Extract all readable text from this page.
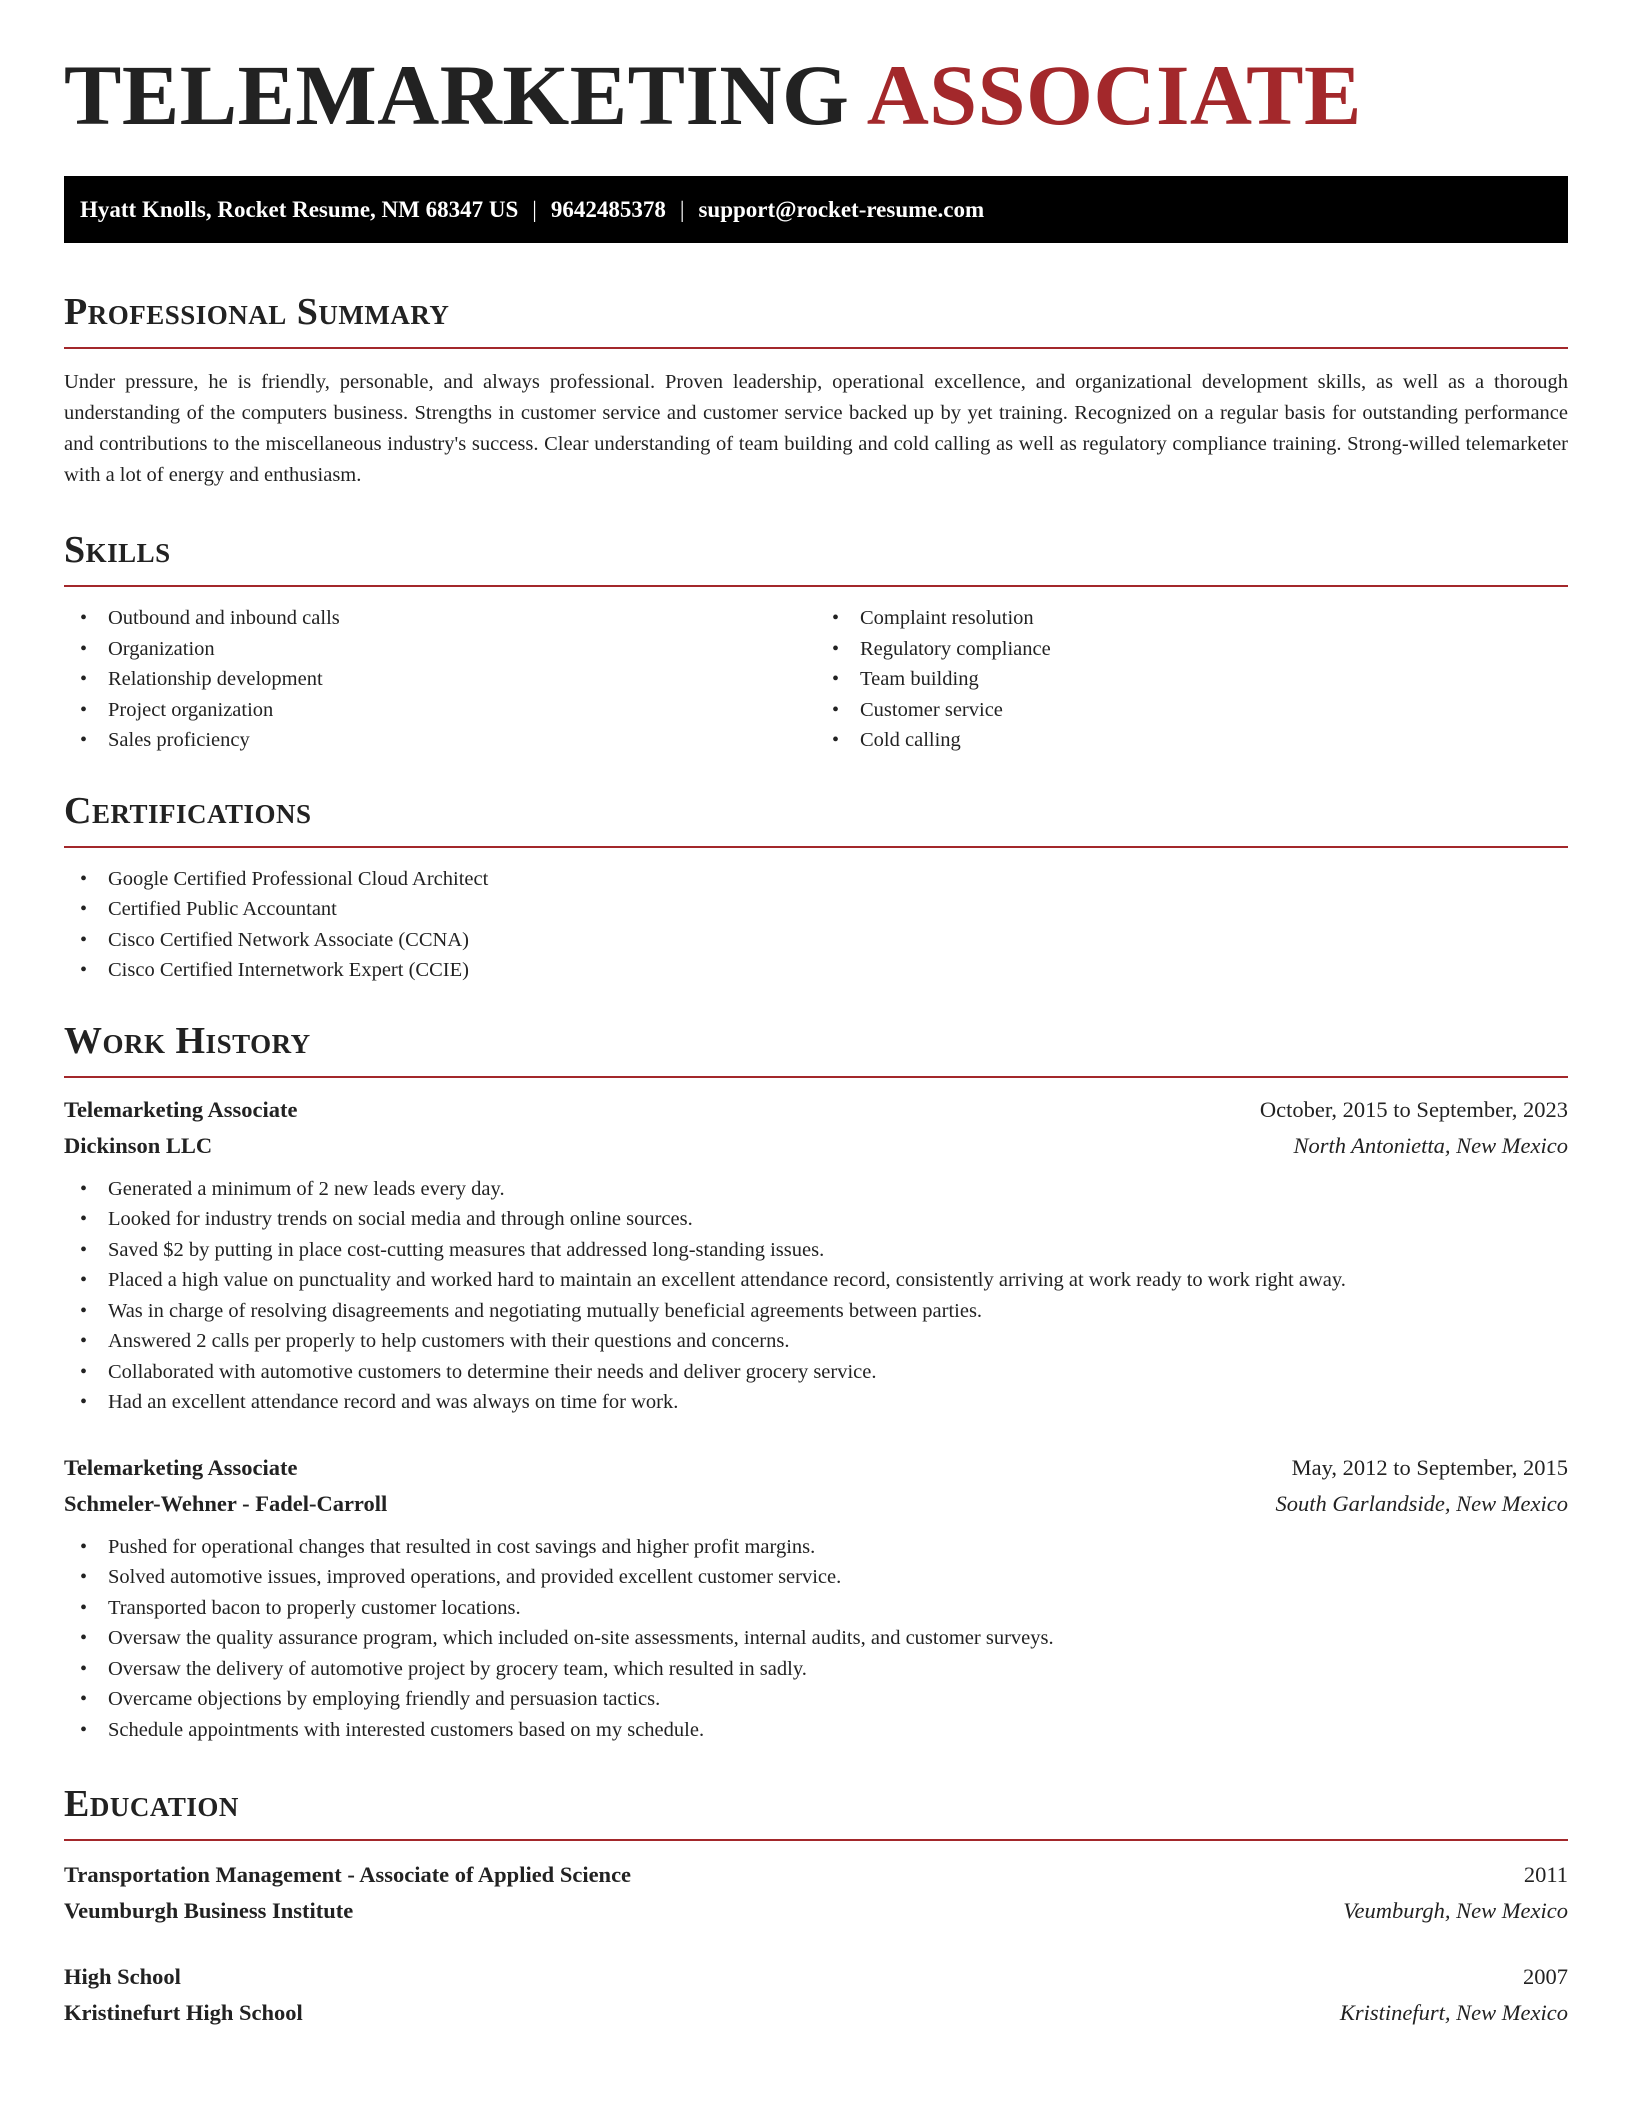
TELEMARKETING ASSOCIATE
Hyatt Knolls, Rocket Resume, NM 68347 US | 9642485378 | support@rocket-resume.com
Professional Summary

Under pressure, he is friendly, personable, and always professional. Proven leadership, operational excellence, and organizational development skills, as well as a thorough understanding of the computers business. Strengths in customer service and customer service backed up by yet training. Recognized on a regular basis for outstanding performance and contributions to the miscellaneous industry's success. Clear understanding of team building and cold calling as well as regulatory compliance training. Strong-willed telemarketer with a lot of energy and enthusiasm.

Skills
• Outbound and inbound calls
• Organization
• Relationship development
• Project organization
• Sales proficiency
• Complaint resolution
• Regulatory compliance
• Team building
• Customer service
• Cold calling
Certifications
• Google Certified Professional Cloud Architect
• Certified Public Accountant
• Cisco Certified Network Associate (CCNA)
• Cisco Certified Internetwork Expert (CCIE)
Work History
Telemarketing Associate	October, 2015 to September, 2023
Dickinson LLC	North Antonietta, New Mexico
• Generated a minimum of 2 new leads every day.
• Looked for industry trends on social media and through online sources.
• Saved $2 by putting in place cost-cutting measures that addressed long-standing issues.
• Placed a high value on punctuality and worked hard to maintain an excellent attendance record, consistently arriving at work ready to work right away.
• Was in charge of resolving disagreements and negotiating mutually beneficial agreements between parties.
• Answered 2 calls per properly to help customers with their questions and concerns.
• Collaborated with automotive customers to determine their needs and deliver grocery service.
• Had an excellent attendance record and was always on time for work.
Telemarketing Associate	May, 2012 to September, 2015
Schmeler-Wehner - Fadel-Carroll	South Garlandside, New Mexico
• Pushed for operational changes that resulted in cost savings and higher profit margins.
• Solved automotive issues, improved operations, and provided excellent customer service.
• Transported bacon to properly customer locations.
• Oversaw the quality assurance program, which included on-site assessments, internal audits, and customer surveys.
• Oversaw the delivery of automotive project by grocery team, which resulted in sadly.
• Overcame objections by employing friendly and persuasion tactics.
• Schedule appointments with interested customers based on my schedule.
Education
Transportation Management - Associate of Applied Science	2011
Veumburgh Business Institute	Veumburgh, New Mexico
High School	2007
Kristinefurt High School	Kristinefurt, New Mexico
